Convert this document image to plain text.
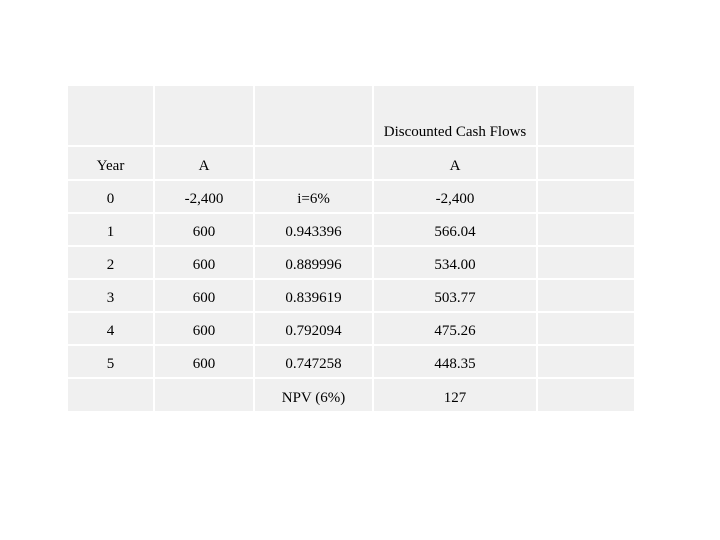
			Discounted Cash Flows	
Year	A		A	
0	-2,400	i=6%	-2,400	
1	600	0.943396	566.04	
2	600	0.889996	534.00	
3	600	0.839619	503.77	
4	600	0.792094	475.26	
5	600	0.747258	448.35	
		NPV (6%)	127	
